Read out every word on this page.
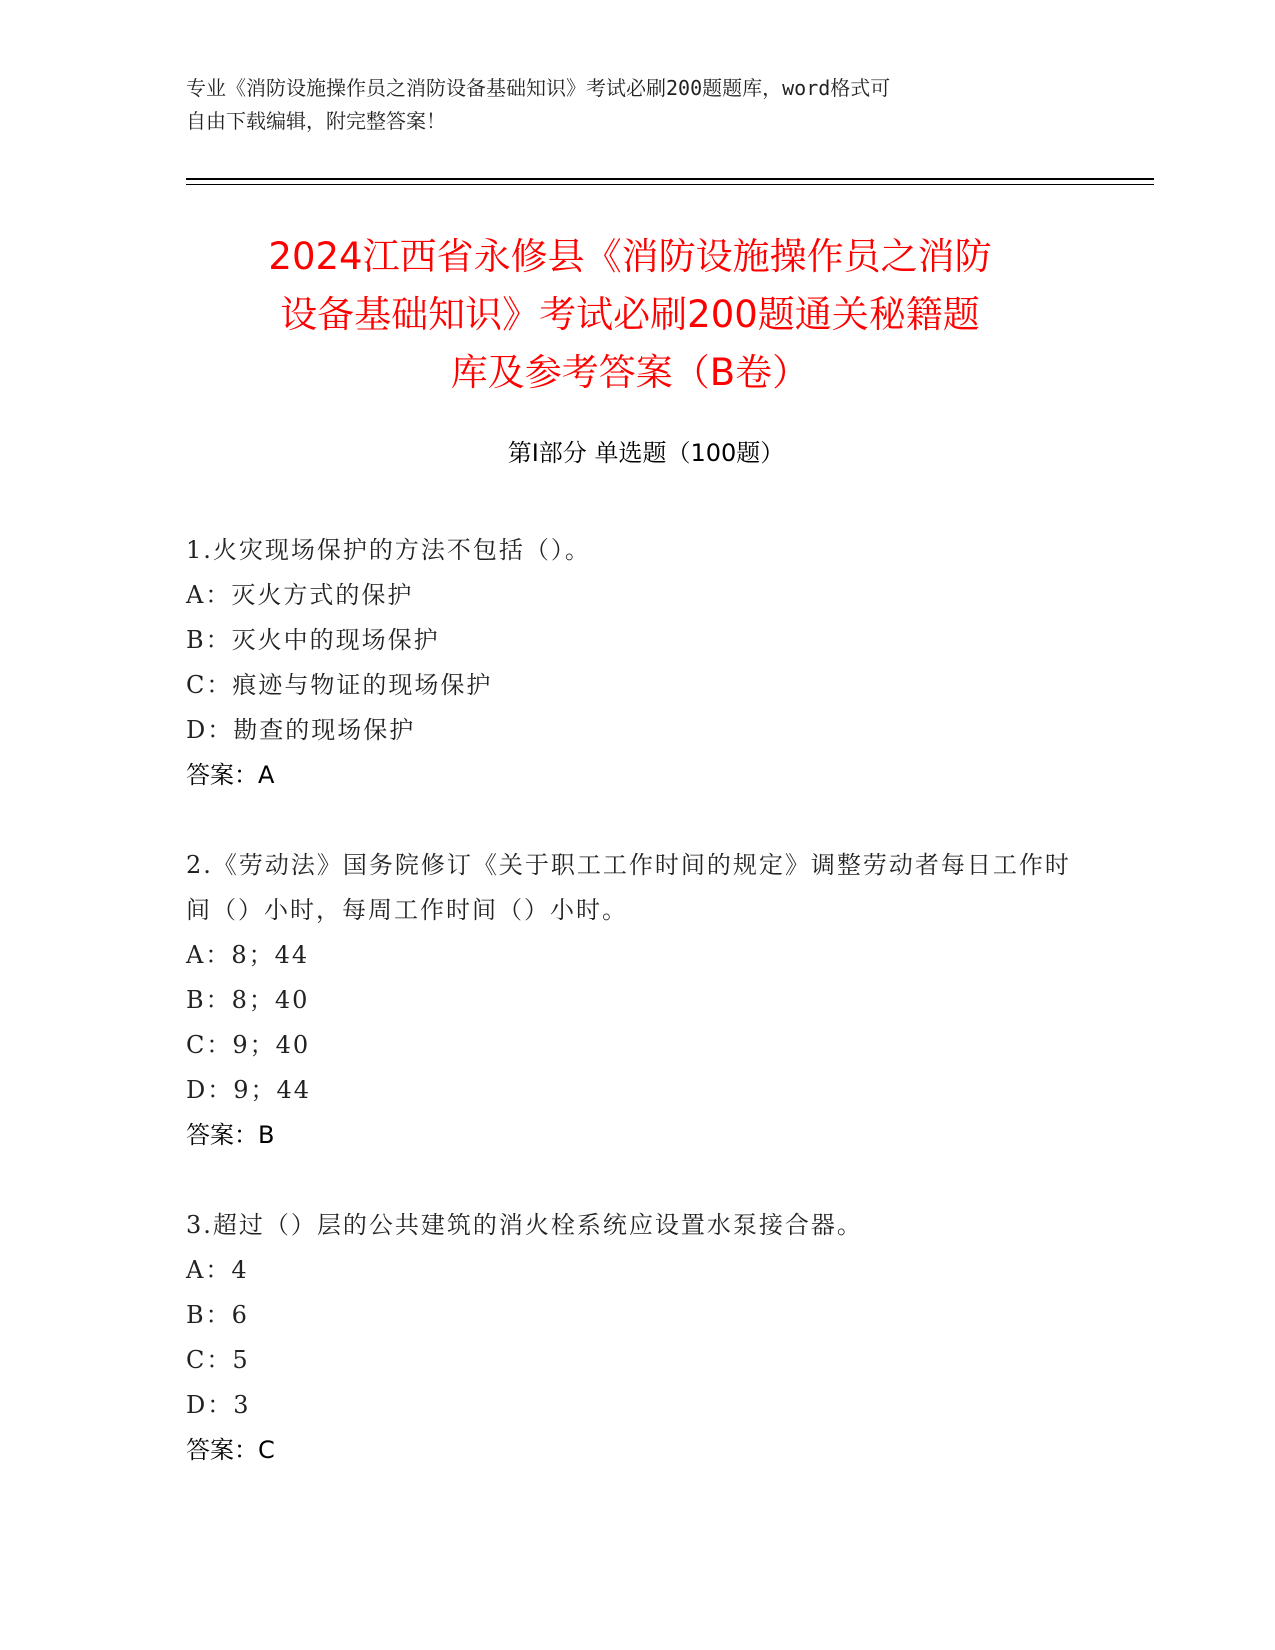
专业《消防设施操作员之消防设备基础知识》考试必刷200题题库，word格式可
自由下载编辑，附完整答案！
2024江西省永修县《消防设施操作员之消防
设备基础知识》考试必刷200题通关秘籍题
库及参考答案（B卷）
第Ⅰ部分 单选题（100题）
1.火灾现场保护的方法不包括（）。
A：灭火方式的保护
B：灭火中的现场保护
C：痕迹与物证的现场保护
D：勘查的现场保护
答案：A
2.《劳动法》国务院修订《关于职工工作时间的规定》调整劳动者每日工作时间（）小时，每周工作时间（）小时。
A：8；44
B：8；40
C：9；40
D：9；44
答案：B
3.超过（）层的公共建筑的消火栓系统应设置水泵接合器。
A：4
B：6
C：5
D：3
答案：C
